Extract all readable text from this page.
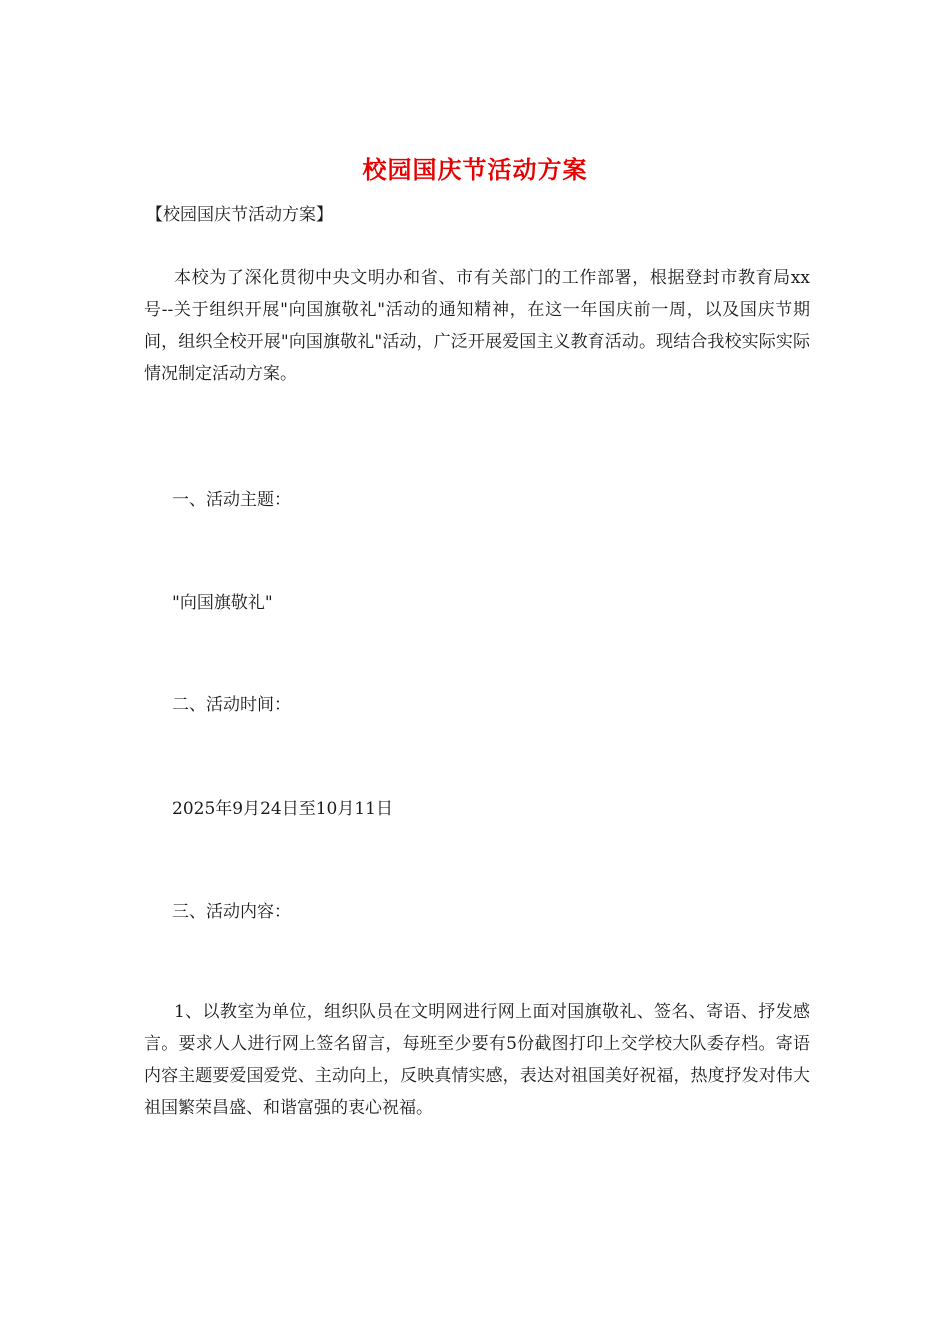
校园国庆节活动方案
【校园国庆节活动方案】
本校为了深化贯彻中央文明办和省、市有关部门的工作部署，根据登封市教育局xx号--关于组织开展"向国旗敬礼"活动的通知精神，在这一年国庆前一周，以及国庆节期间，组织全校开展"向国旗敬礼"活动，广泛开展爱国主义教育活动。现结合我校实际实际情况制定活动方案。
一、活动主题：
"向国旗敬礼"
二、活动时间：
2025年9月24日至10月11日
三、活动内容：
1、以教室为单位，组织队员在文明网进行网上面对国旗敬礼、签名、寄语、抒发感言。要求人人进行网上签名留言，每班至少要有5份截图打印上交学校大队委存档。寄语内容主题要爱国爱党、主动向上，反映真情实感，表达对祖国美好祝福，热度抒发对伟大祖国繁荣昌盛、和谐富强的衷心祝福。
